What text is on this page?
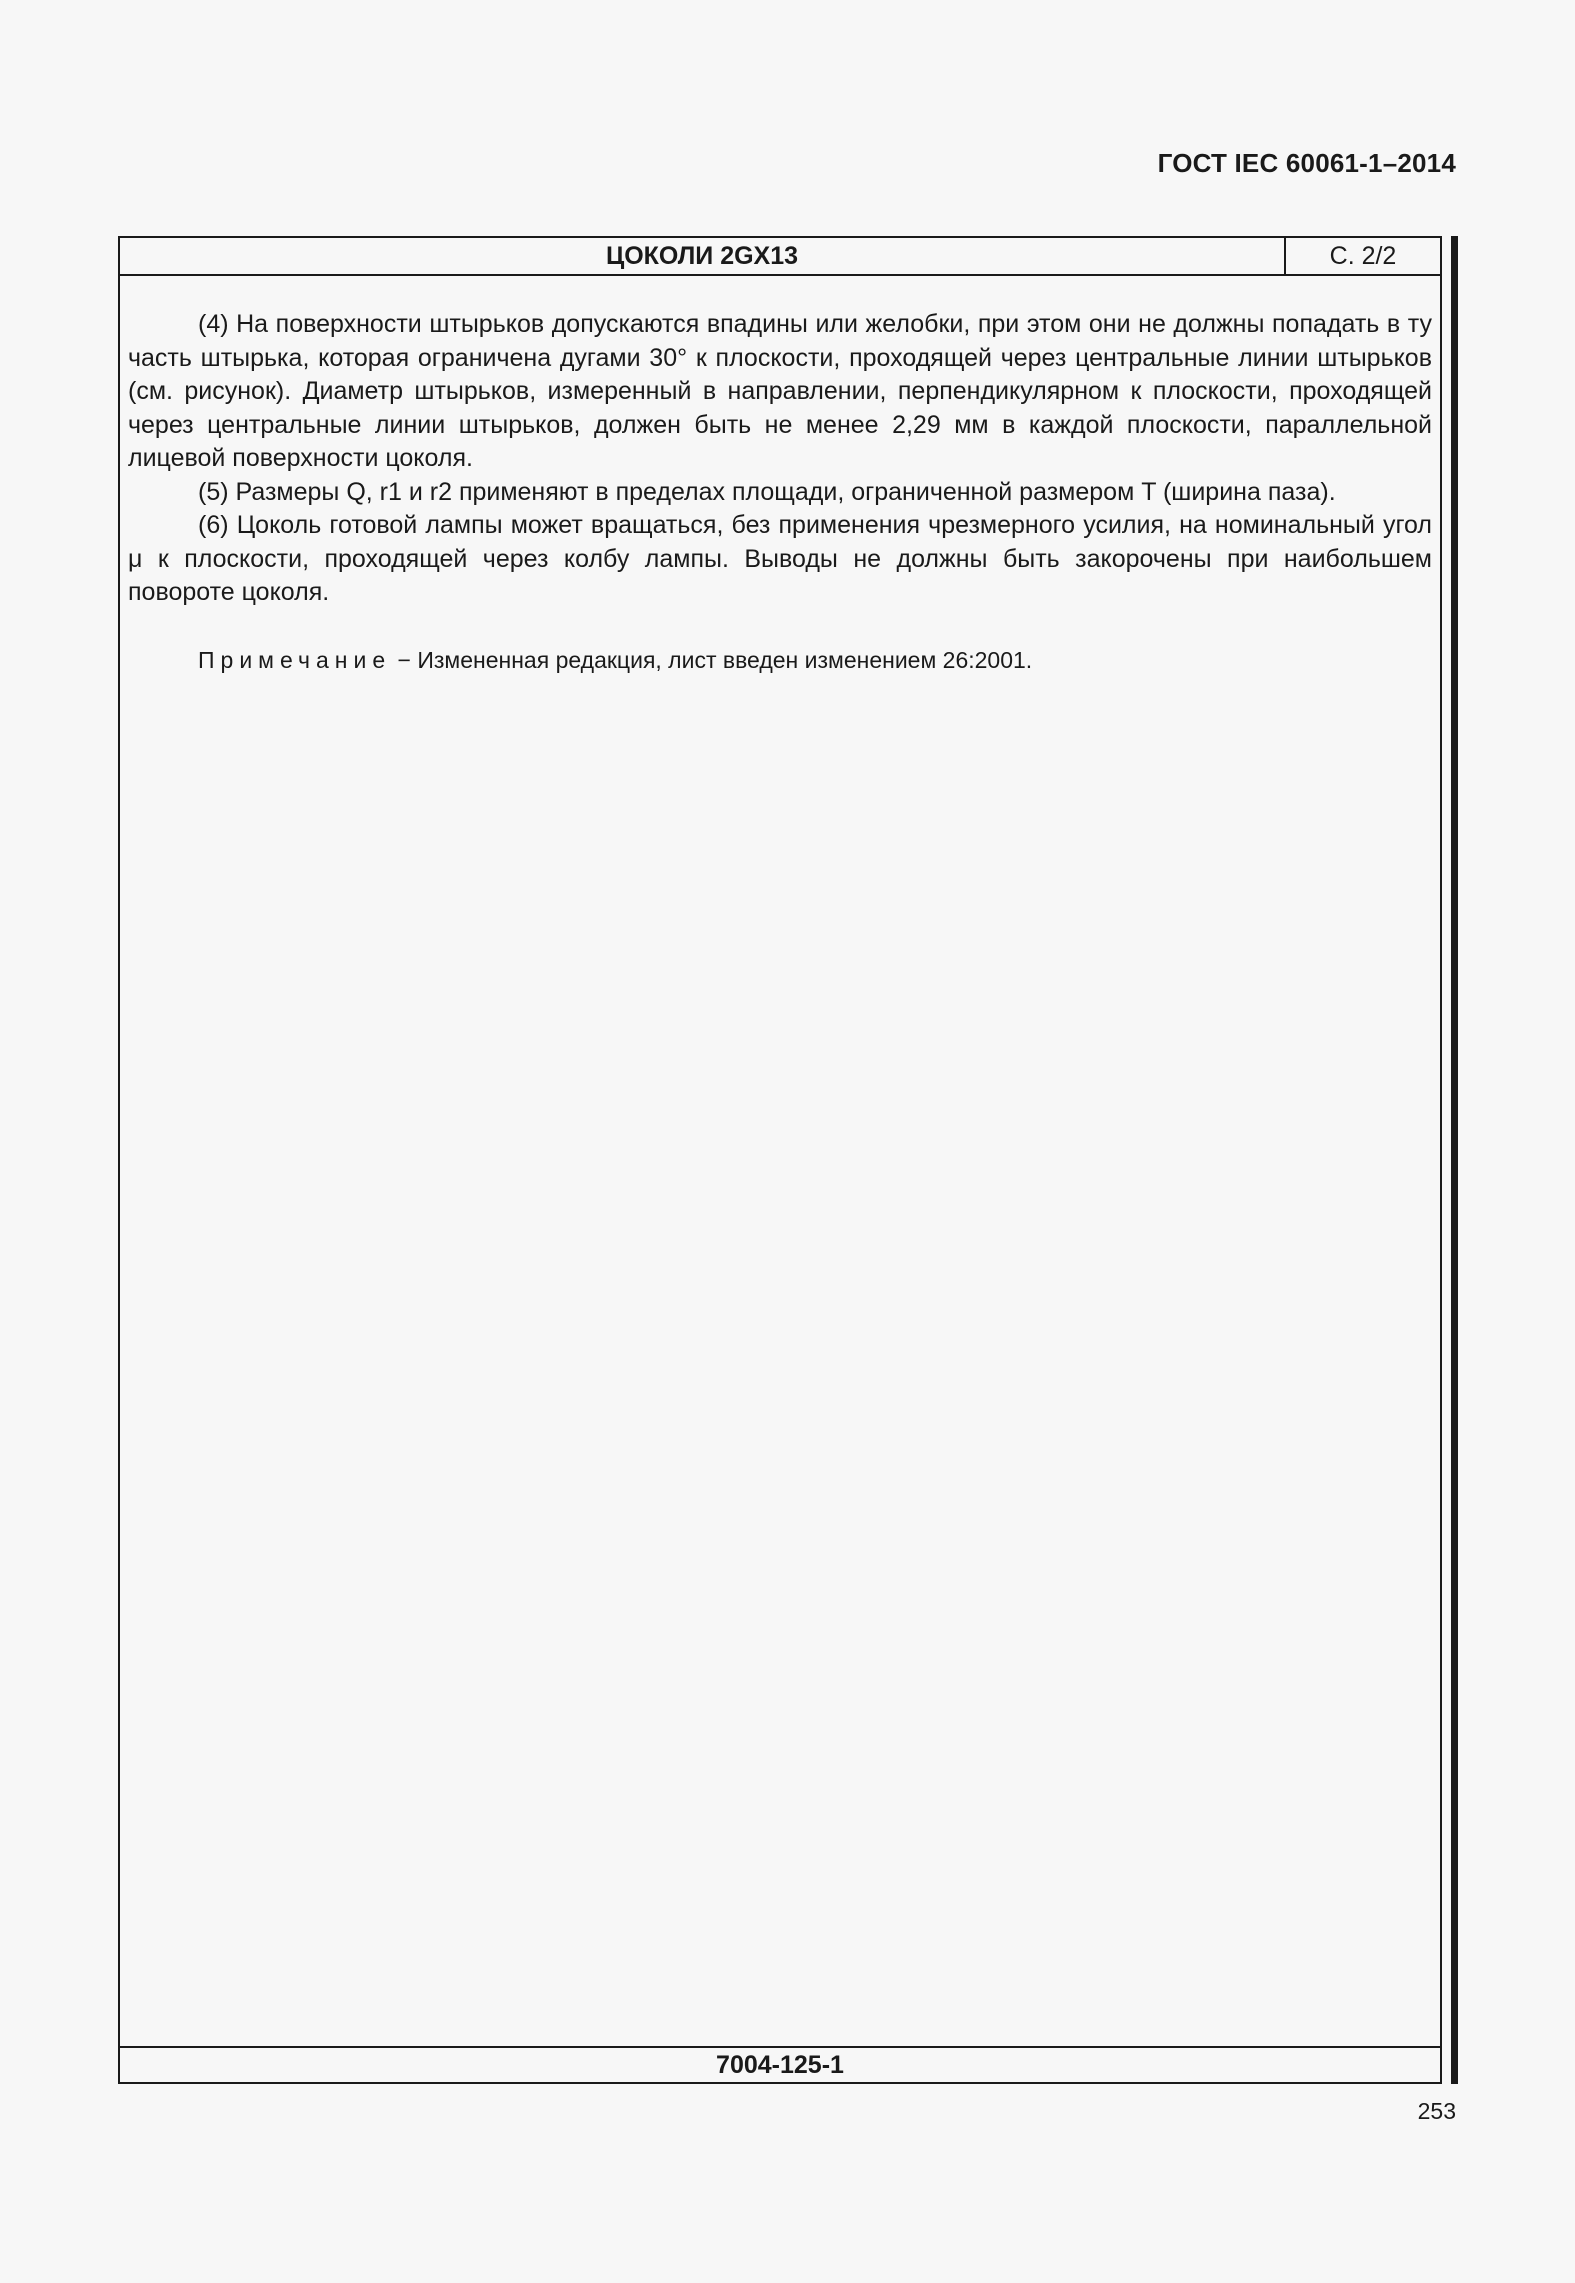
ГОСТ IEC 60061-1–2014
ЦОКОЛИ 2GX13	С. 2/2

(4) На поверхности штырьков допускаются впадины или желобки, при этом они не должны попадать в ту часть штырька, которая ограничена дугами 30° к плоскости, проходящей через центральные линии штырьков (см. рисунок). Диаметр штырьков, измеренный в направлении, перпендикулярном к плоскости, проходящей через центральные линии штырьков, должен быть не менее 2,29 мм в каждой плоскости, параллельной лицевой поверхности цоколя.

(5) Размеры Q, r1 и r2 применяют в пределах площади, ограниченной размером T (ширина паза).

(6) Цоколь готовой лампы может вращаться, без применения чрезмерного усилия, на номинальный угол μ к плоскости, проходящей через колбу лампы. Выводы не должны быть закорочены при наибольшем повороте цоколя.

Примечание − Измененная редакция, лист введен изменением 26:2001.

7004-125-1
253
